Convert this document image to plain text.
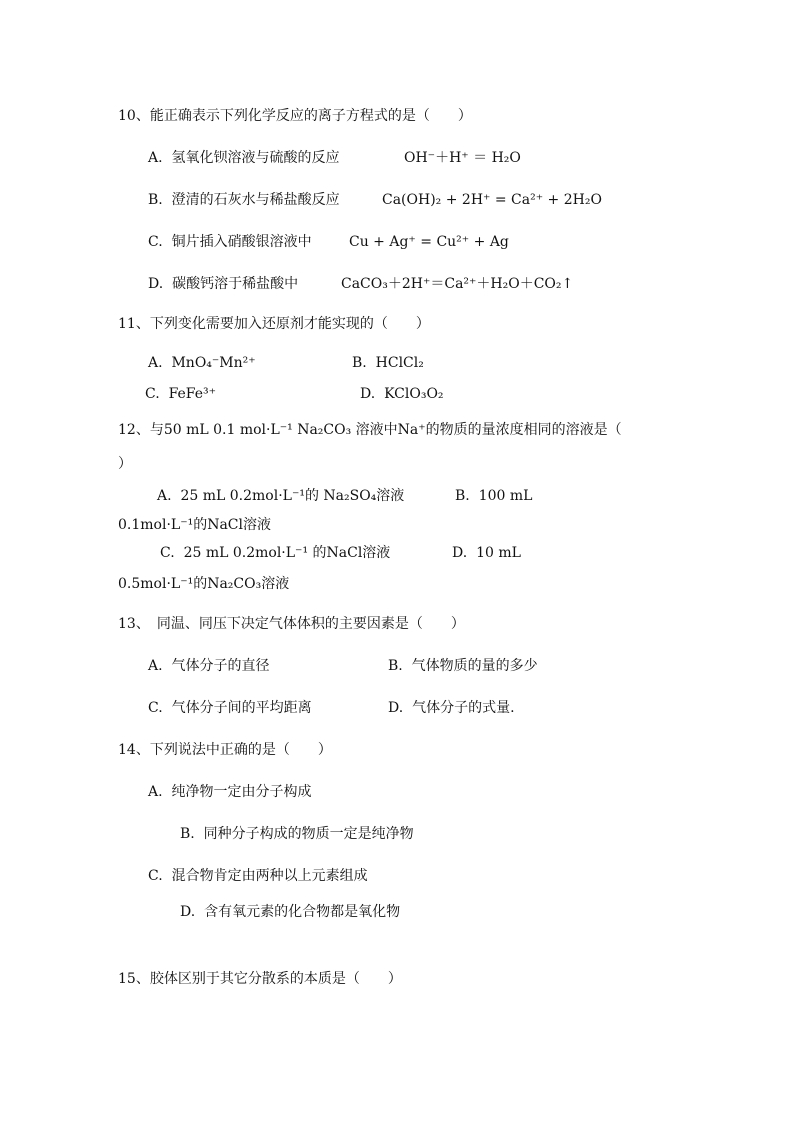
10、能正确表示下列化学反应的离子方程式的是（　　）
A. 氢氧化钡溶液与硫酸的反应	OH⁻＋H⁺ ＝ H₂O
B. 澄清的石灰水与稀盐酸反应	Ca(OH)₂ + 2H⁺ = Ca²⁺ + 2H₂O
C. 铜片插入硝酸银溶液中	Cu + Ag⁺ = Cu²⁺ + Ag
D. 碳酸钙溶于稀盐酸中	CaCO₃＋2H⁺＝Ca²⁺＋H₂O＋CO₂↑
11、下列变化需要加入还原剂才能实现的（　　）
A. MnO₄⁻Mn²⁺	B. HClCl₂
C. FeFe³⁺	D. KClO₃O₂
12、与50 mL 0.1 mol·L⁻¹ Na₂CO₃ 溶液中Na⁺的物质的量浓度相同的溶液是（
）
A. 25 mL 0.2mol·L⁻¹的 Na₂SO₄溶液	B. 100 mL
0.1mol·L⁻¹的NaCl溶液
C. 25 mL 0.2mol·L⁻¹ 的NaCl溶液	D. 10 mL
0.5mol·L⁻¹的Na₂CO₃溶液
13、　同温、同压下决定气体体积的主要因素是（　　）
A. 气体分子的直径	B. 气体物质的量的多少
C. 气体分子间的平均距离	D. 气体分子的式量.
14、下列说法中正确的是（　　）
A. 纯净物一定由分子构成
B. 同种分子构成的物质一定是纯净物
C. 混合物肯定由两种以上元素组成
D. 含有氧元素的化合物都是氧化物
15、胶体区别于其它分散系的本质是（　　）
